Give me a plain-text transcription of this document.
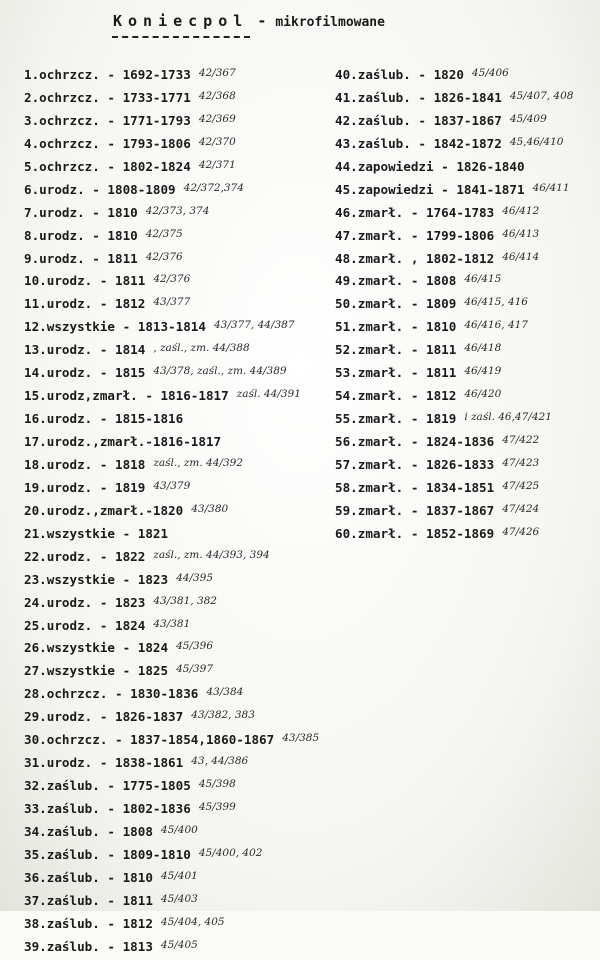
Koniecpol - mikrofilmowane
1.ochrzcz. - 1692-1733 $^{42/367}$
2.ochrzcz. - 1733-1771 $^{42/368}$
3.ochrzcz. - 1771-1793 $^{42/369}$
4.ochrzcz. - 1793-1806 $^{42/370}$
5.ochrzcz. - 1802-1824 $^{42/371}$
6.urodz. - 1808-1809 $^{42/372,374}$
7.urodz. - 1810 $^{42/373, 374}$
8.urodz. - 1810 $^{42/375}$
9.urodz. - 1811 $^{42/376}$
10.urodz. - 1811 $^{42/376}$
11.urodz. - 1812 $^{43/377}$
12.wszystkie - 1813-1814 $^{43/377, 44/387}$
13.urodz. - 1814 $^{, zaśl., zm. 44/388}$
14.urodz. - 1815 $^{43/378, zaśl., zm. 44/389}$
15.urodz,zmarł. - 1816-1817 $^{zaśl. 44/391}$
16.urodz. - 1815-1816
17.urodz.,zmarł.-1816-1817
18.urodz. - 1818 $^{zaśl., zm. 44/392}$
19.urodz. - 1819 $^{43/379}$
20.urodz.,zmarł.-1820 $^{43/380}$
21.wszystkie - 1821
22.urodz. - 1822 $^{zaśl., zm. 44/393, 394}$
23.wszystkie - 1823 $^{44/395}$
24.urodz. - 1823 $^{43/381, 382}$
25.urodz. - 1824 $^{43/381}$
26.wszystkie - 1824 $^{45/396}$
27.wszystkie - 1825 $^{45/397}$
28.ochrzcz. - 1830-1836 $^{43/384}$
29.urodz. - 1826-1837 $^{43/382, 383}$
30.ochrzcz. - 1837-1854,1860-1867 $^{43/385}$
31.urodz. - 1838-1861 $^{43, 44/386}$
32.zaślub. - 1775-1805 $^{45/398}$
33.zaślub. - 1802-1836 $^{45/399}$
34.zaślub. - 1808 $^{45/400}$
35.zaślub. - 1809-1810 $^{45/400, 402}$
36.zaślub. - 1810 $^{45/401}$
37.zaślub. - 1811 $^{45/403}$
38.zaślub. - 1812 $^{45/404, 405}$
39.zaślub. - 1813 $^{45/405}$
40.zaślub. - 1820 $^{45/406}$
41.zaślub. - 1826-1841 $^{45/407, 408}$
42.zaślub. - 1837-1867 $^{45/409}$
43.zaślub. - 1842-1872 $^{45,46/410}$
44.zapowiedzi - 1826-1840
45.zapowiedzi - 1841-1871 $^{46/411}$
46.zmarł. - 1764-1783 $^{46/412}$
47.zmarł. - 1799-1806 $^{46/413}$
48.zmarł. , 1802-1812 $^{46/414}$
49.zmarł. - 1808 $^{46/415}$
50.zmarł. - 1809 $^{46/415, 416}$
51.zmarł. - 1810 $^{46/416, 417}$
52.zmarł. - 1811 $^{46/418}$
53.zmarł. - 1811 $^{46/419}$
54.zmarł. - 1812 $^{46/420}$
55.zmarł. - 1819 $^{i zaśl. 46,47/421}$
56.zmarł. - 1824-1836 $^{47/422}$
57.zmarł. - 1826-1833 $^{47/423}$
58.zmarł. - 1834-1851 $^{47/425}$
59.zmarł. - 1837-1867 $^{47/424}$
60.zmarł. - 1852-1869 $^{47/426}$
